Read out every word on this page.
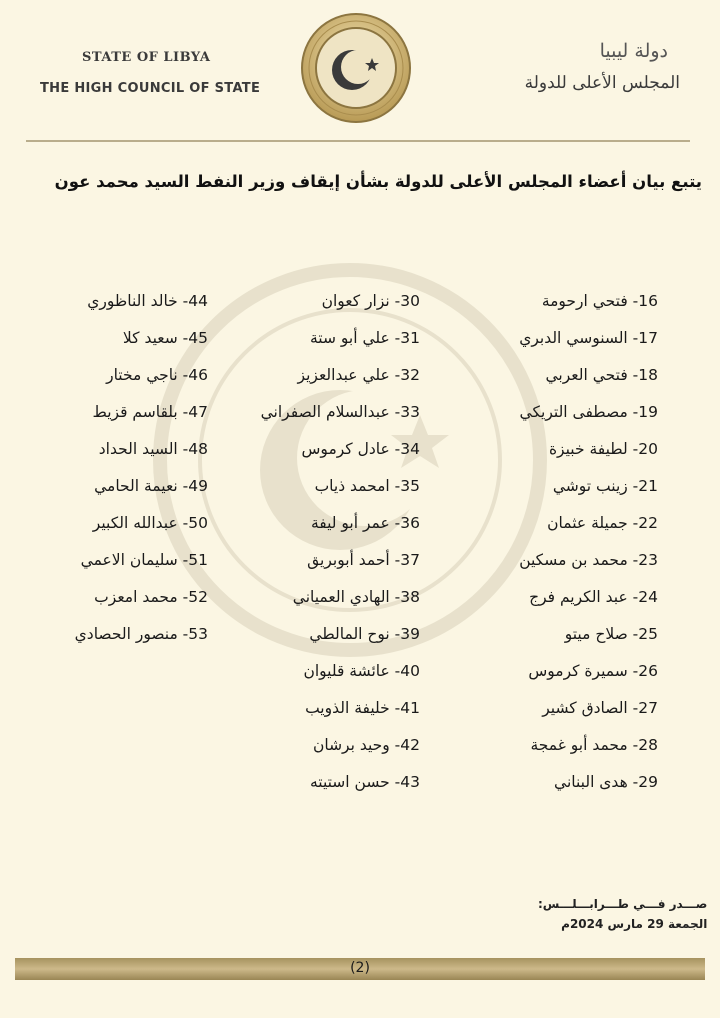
STATE OF LIBYA
THE HIGH COUNCIL OF STATE
دولة ليبيا
المجلس الأعلى للدولة
يتبع بيان أعضاء المجلس الأعلى للدولة بشأن إيقاف وزير النفط السيد محمد عون
16- فتحي ارحومة
17- السنوسي الدبري
18- فتحي العربي
19- مصطفى التريكي
20- لطيفة خبيزة
21- زينب توشي
22- جميلة عثمان
23- محمد بن مسكين
24- عبد الكريم فرج
25- صلاح ميتو
26- سميرة كرموس
27- الصادق كشير
28- محمد أبو غمجة
29- هدى البناني
30- نزار كعوان
31- علي أبو ستة
32- علي عبدالعزيز
33- عبدالسلام الصفراني
34- عادل كرموس
35- امحمد ذياب
36- عمر أبو ليفة
37- أحمد أبوبريق
38- الهادي العمياني
39- نوح المالطي
40- عائشة قليوان
41- خليفة الذويب
42- وحيد برشان
43- حسن استيته
44- خالد الناظوري
45- سعيد كلا
46- ناجي مختار
47- بلقاسم قزيط
48- السيد الحداد
49- نعيمة الحامي
50- عبدالله الكبير
51- سليمان الاعمي
52- محمد امعزب
53- منصور الحصادي
صـــدر فـــي طـــرابـــلـــس:
الجمعة 29 مارس 2024م
(2)
